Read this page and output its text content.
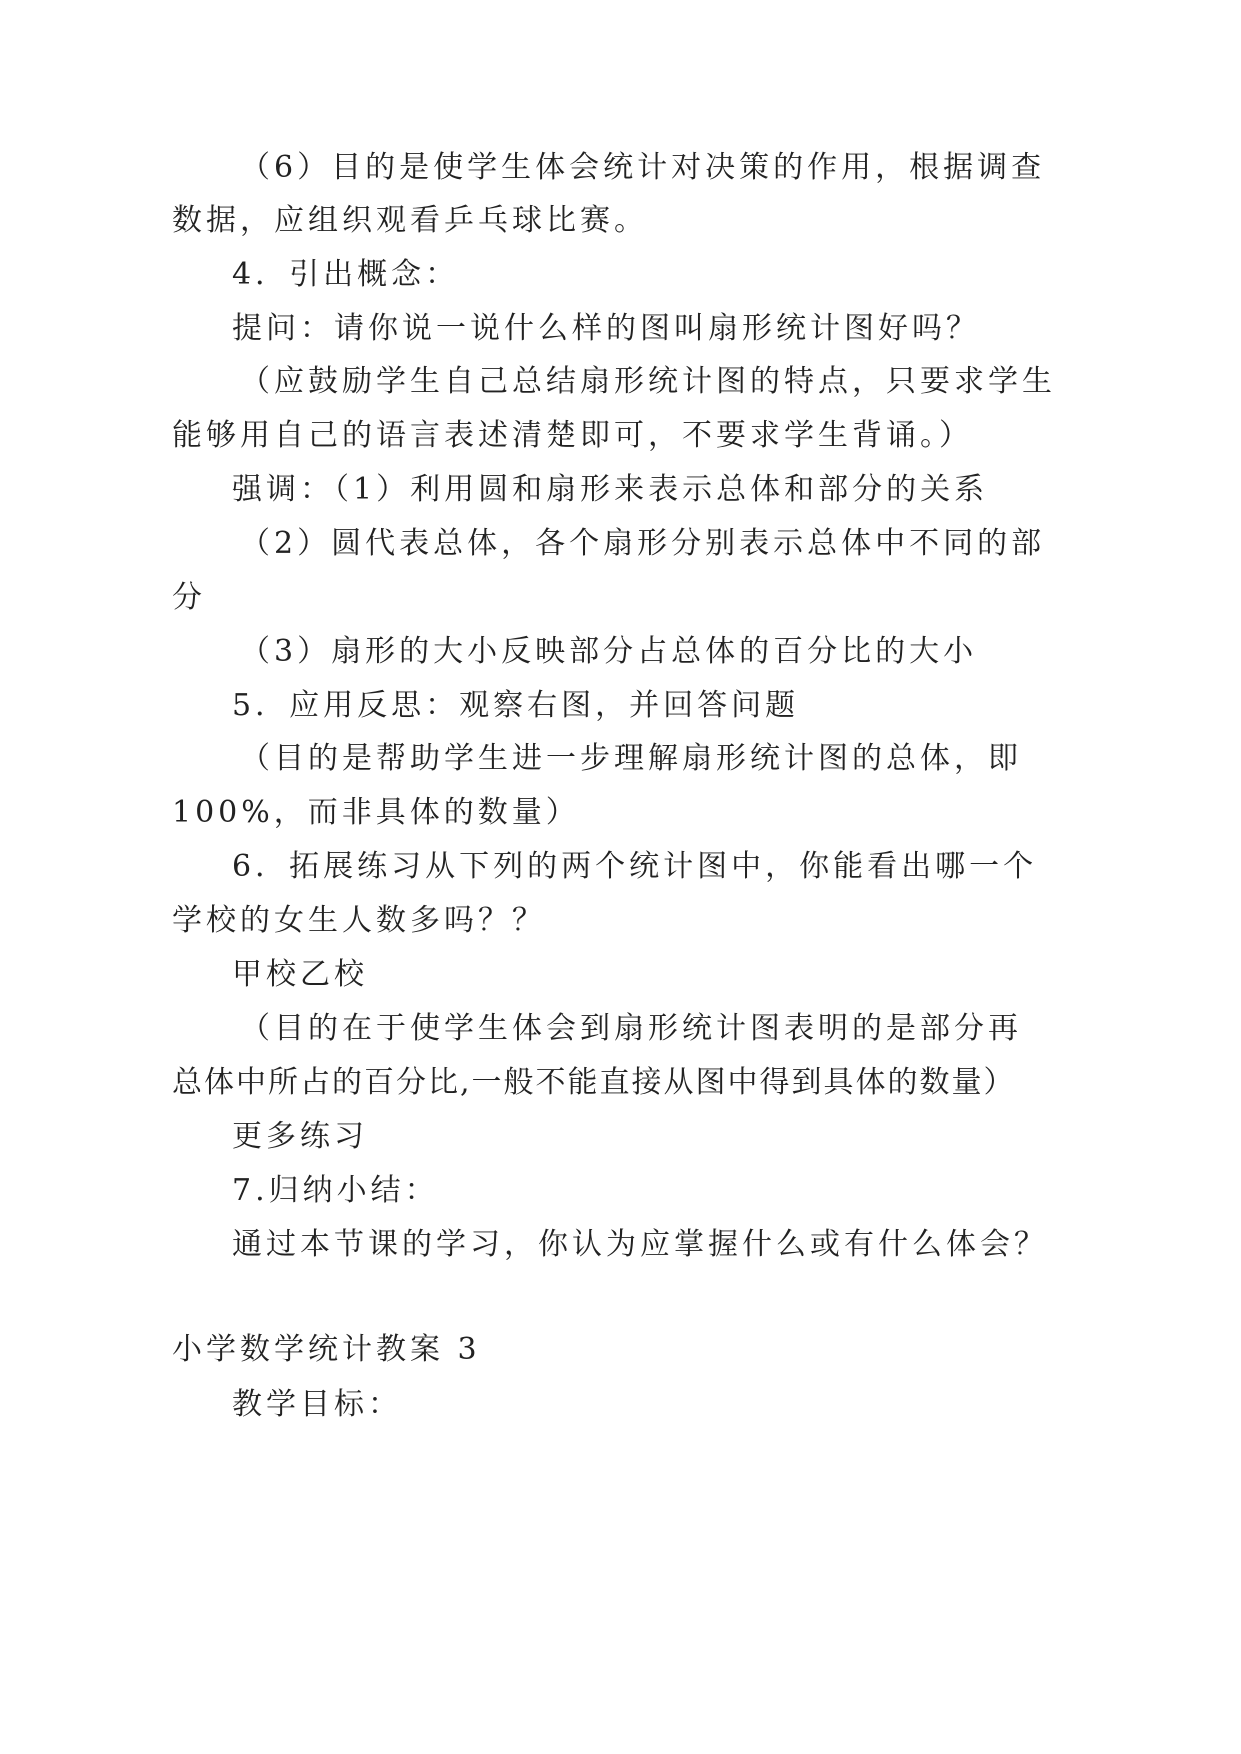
（6）目的是使学生体会统计对决策的作用，根据调查
数据，应组织观看乒乓球比赛。
4．引出概念：
提问：请你说一说什么样的图叫扇形统计图好吗？
（应鼓励学生自己总结扇形统计图的特点，只要求学生
能够用自己的语言表述清楚即可，不要求学生背诵。）
强调：（1）利用圆和扇形来表示总体和部分的关系
（2）圆代表总体，各个扇形分别表示总体中不同的部
分
（3）扇形的大小反映部分占总体的百分比的大小
5．应用反思：观察右图，并回答问题
（目的是帮助学生进一步理解扇形统计图的总体，即
100%，而非具体的数量）
6．拓展练习从下列的两个统计图中，你能看出哪一个
学校的女生人数多吗？？
甲校乙校
（目的在于使学生体会到扇形统计图表明的是部分再
总体中所占的百分比,一般不能直接从图中得到具体的数量）
更多练习
7.归纳小结：
通过本节课的学习，你认为应掌握什么或有什么体会？
小学数学统计教案 3
教学目标：
